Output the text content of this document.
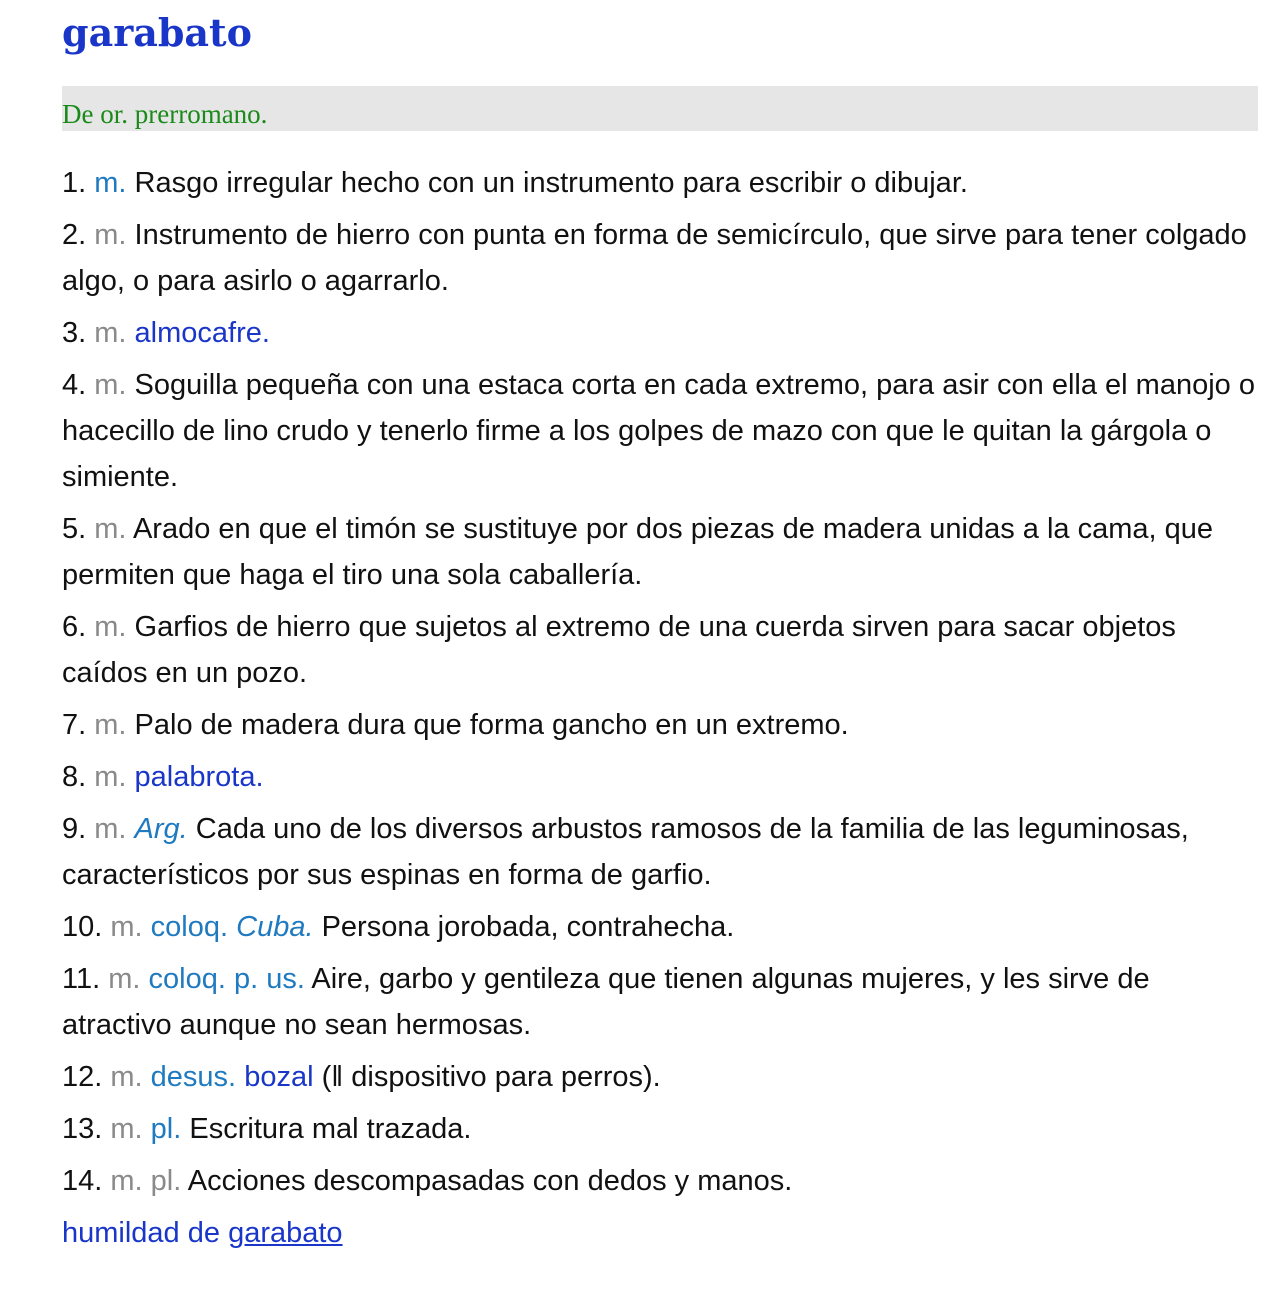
garabato
De or. prerromano.
1. m. Rasgo irregular hecho con un instrumento para escribir o dibujar.
2. m. Instrumento de hierro con punta en forma de semicírculo, que sirve para tener colgado algo, o para asirlo o agarrarlo.
3. m. almocafre.
4. m. Soguilla pequeña con una estaca corta en cada extremo, para asir con ella el manojo o hacecillo de lino crudo y tenerlo firme a los golpes de mazo con que le quitan la gárgola o simiente.
5. m. Arado en que el timón se sustituye por dos piezas de madera unidas a la cama, que permiten que haga el tiro una sola caballería.
6. m. Garfios de hierro que sujetos al extremo de una cuerda sirven para sacar objetos caídos en un pozo.
7. m. Palo de madera dura que forma gancho en un extremo.
8. m. palabrota.
9. m. Arg. Cada uno de los diversos arbustos ramosos de la familia de las leguminosas, característicos por sus espinas en forma de garfio.
10. m. coloq. Cuba. Persona jorobada, contrahecha.
11. m. coloq. p. us. Aire, garbo y gentileza que tienen algunas mujeres, y les sirve de atractivo aunque no sean hermosas.
12. m. desus. bozal (‖ dispositivo para perros).
13. m. pl. Escritura mal trazada.
14. m. pl. Acciones descompasadas con dedos y manos.
humildad de garabato
